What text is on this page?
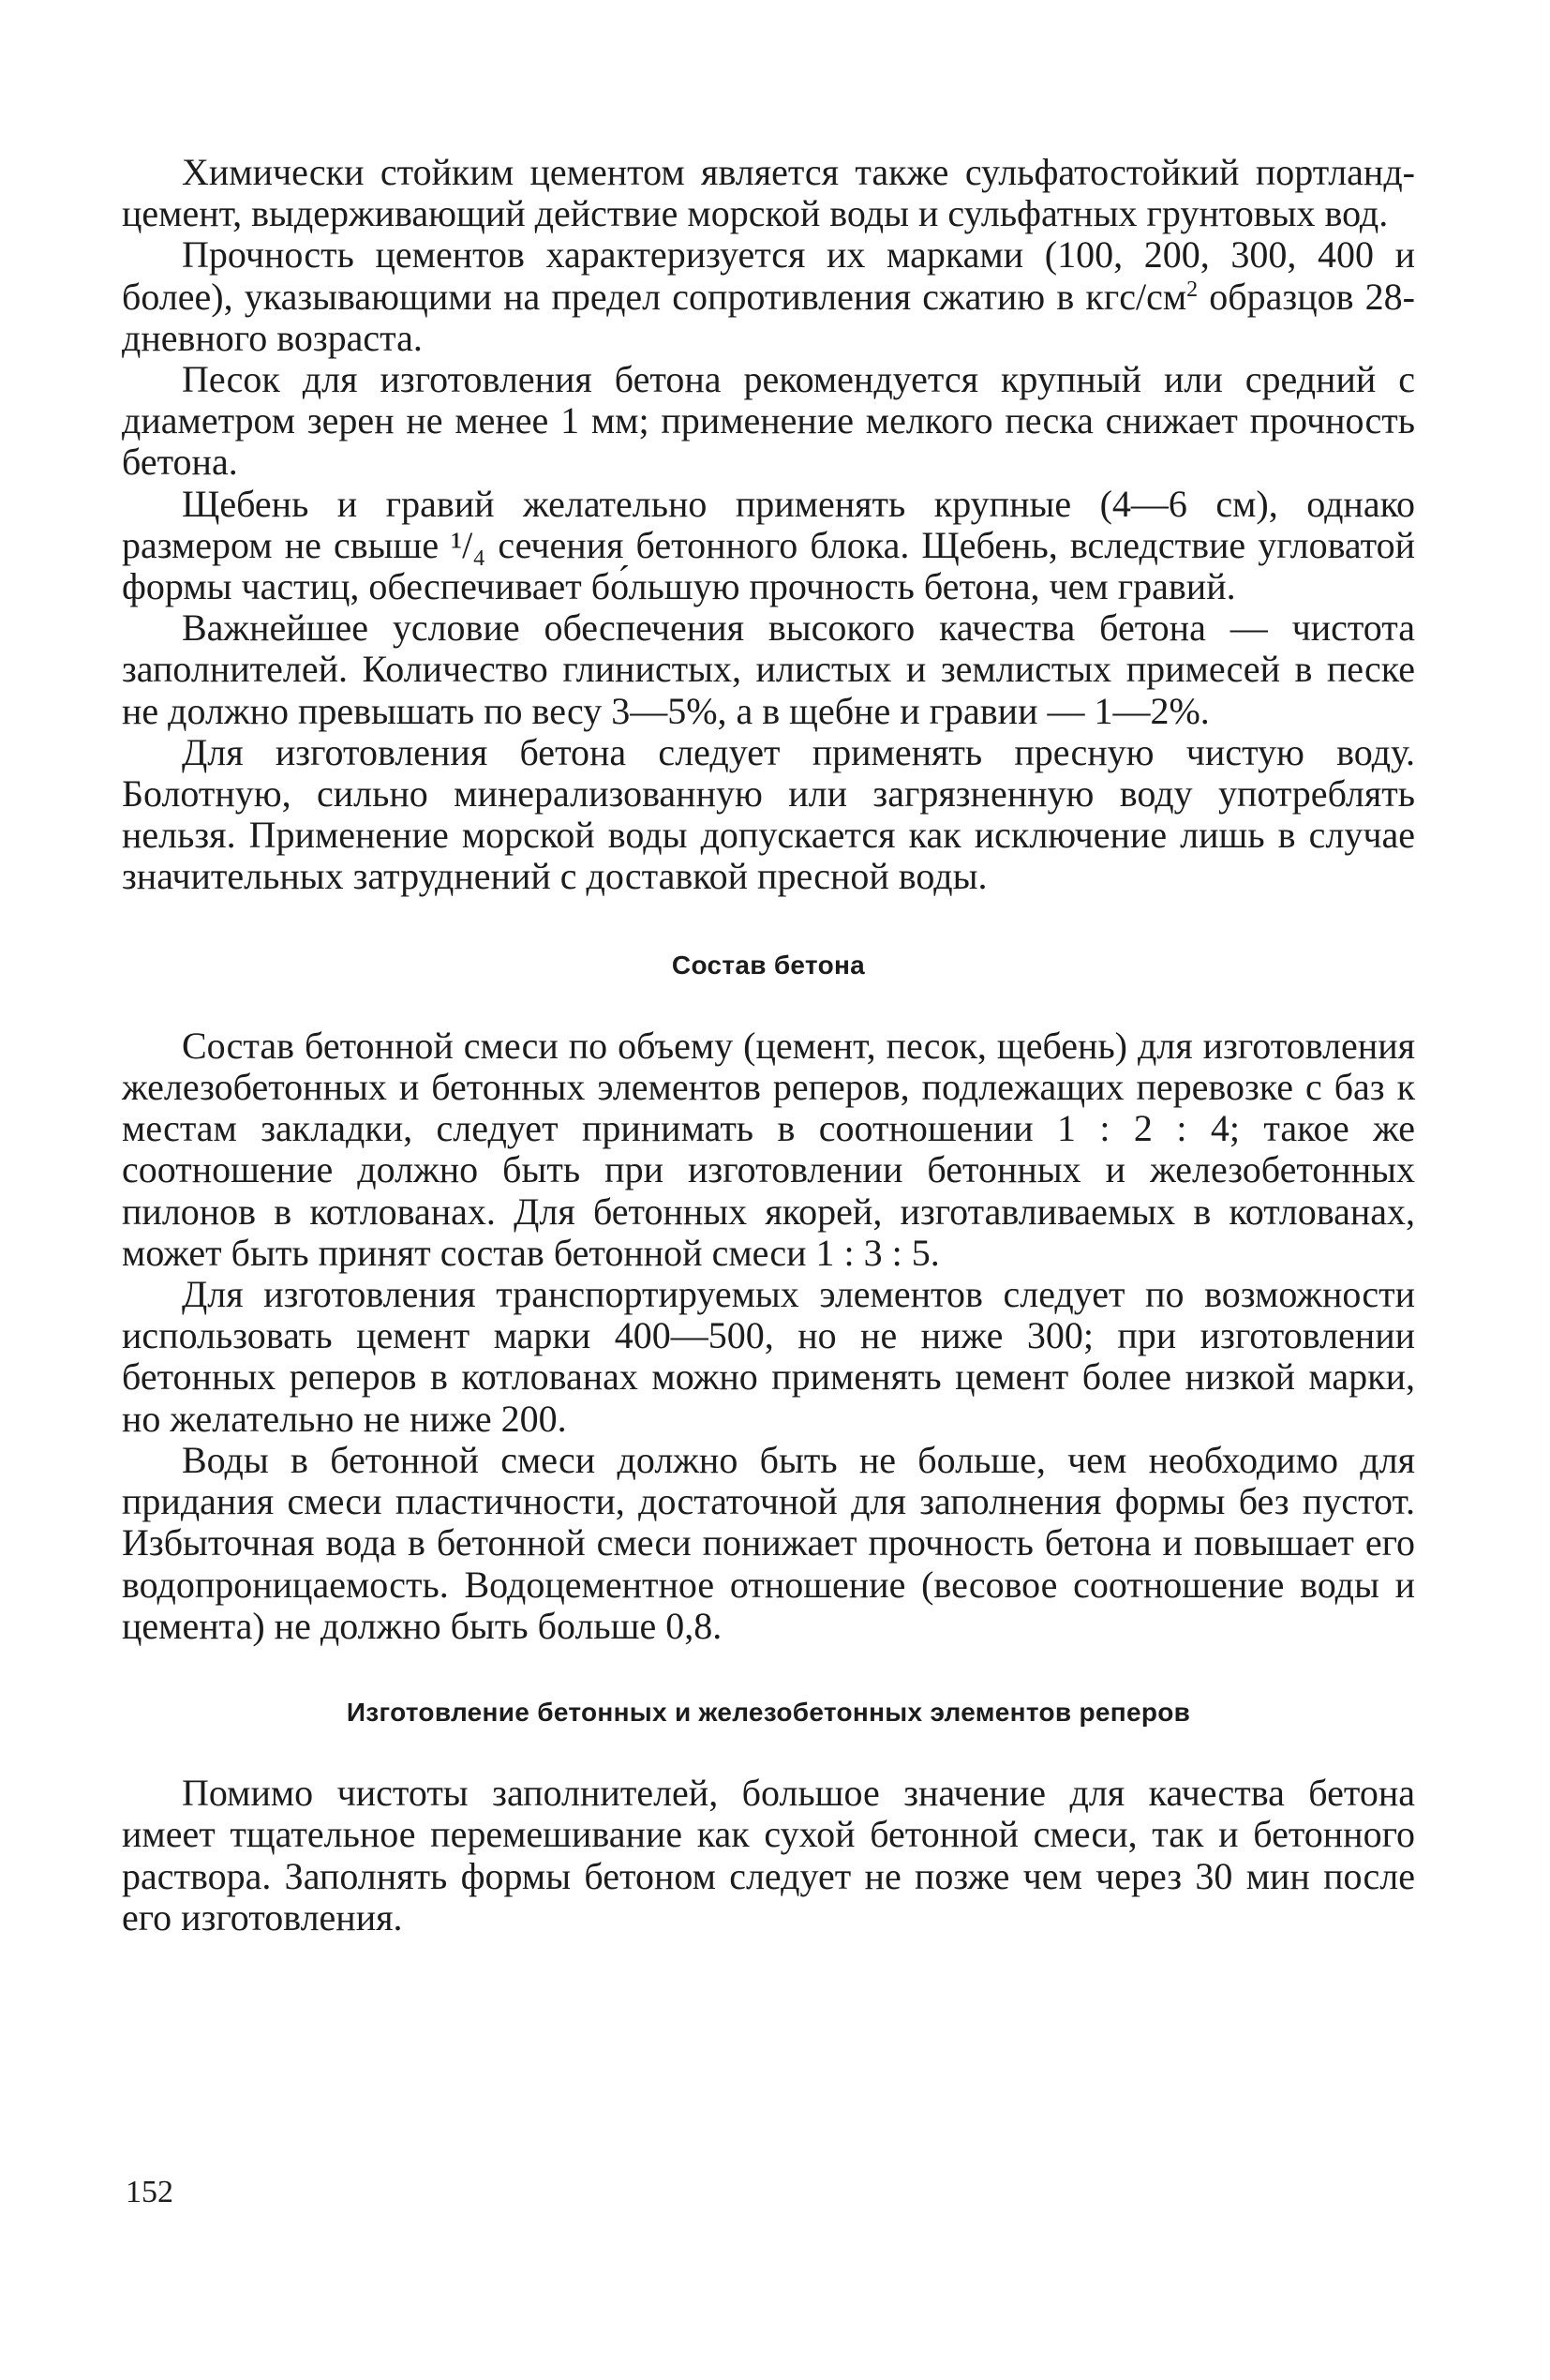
Химически стойким цементом является также сульфатостойкий портланд-цемент, выдерживающий действие морской воды и сульфатных грунтовых вод.

Прочность цементов характеризуется их марками (100, 200, 300, 400 и более), указывающими на предел сопротивления сжатию в кгс/$см^2$ образцов 28-дневного возраста.

Песок для изготовления бетона рекомендуется крупный или средний с диаметром зерен не менее 1 мм; применение мелкого песка снижает прочность бетона.

Щебень и гравий желательно применять крупные (4—6 см), однако размером не свыше ¹/₄ сечения бетонного блока. Щебень, вследствие угловатой формы частиц, обеспечивает бо́льшую прочность бетона, чем гравий.

Важнейшее условие обеспечения высокого качества бетона — чистота заполнителей. Количество глинистых, илистых и землистых примесей в песке не должно превышать по весу 3—5%, а в щебне и гравии — 1—2%.

Для изготовления бетона следует применять пресную чистую воду. Болотную, сильно минерализованную или загрязненную воду употреблять нельзя. Применение морской воды допускается как исключение лишь в случае значительных затруднений с доставкой пресной воды.

Состав бетона

Состав бетонной смеси по объему (цемент, песок, щебень) для изготовления железобетонных и бетонных элементов реперов, подлежащих перевозке с баз к местам закладки, следует принимать в соотношении 1 : 2 : 4; такое же соотношение должно быть при изготовлении бетонных и железобетонных пилонов в котлованах. Для бетонных якорей, изготавливаемых в котлованах, может быть принят состав бетонной смеси 1 : 3 : 5.

Для изготовления транспортируемых элементов следует по возможности использовать цемент марки 400—500, но не ниже 300; при изготовлении бетонных реперов в котлованах можно применять цемент более низкой марки, но желательно не ниже 200.

Воды в бетонной смеси должно быть не больше, чем необходимо для придания смеси пластичности, достаточной для заполнения формы без пустот. Избыточная вода в бетонной смеси понижает прочность бетона и повышает его водопроницаемость. Водоцементное отношение (весовое соотношение воды и цемента) не должно быть больше 0,8.

Изготовление бетонных и железобетонных элементов реперов

Помимо чистоты заполнителей, большое значение для качества бетона имеет тщательное перемешивание как сухой бетонной смеси, так и бетонного раствора. Заполнять формы бетоном следует не позже чем через 30 мин после его изготовления.

152
